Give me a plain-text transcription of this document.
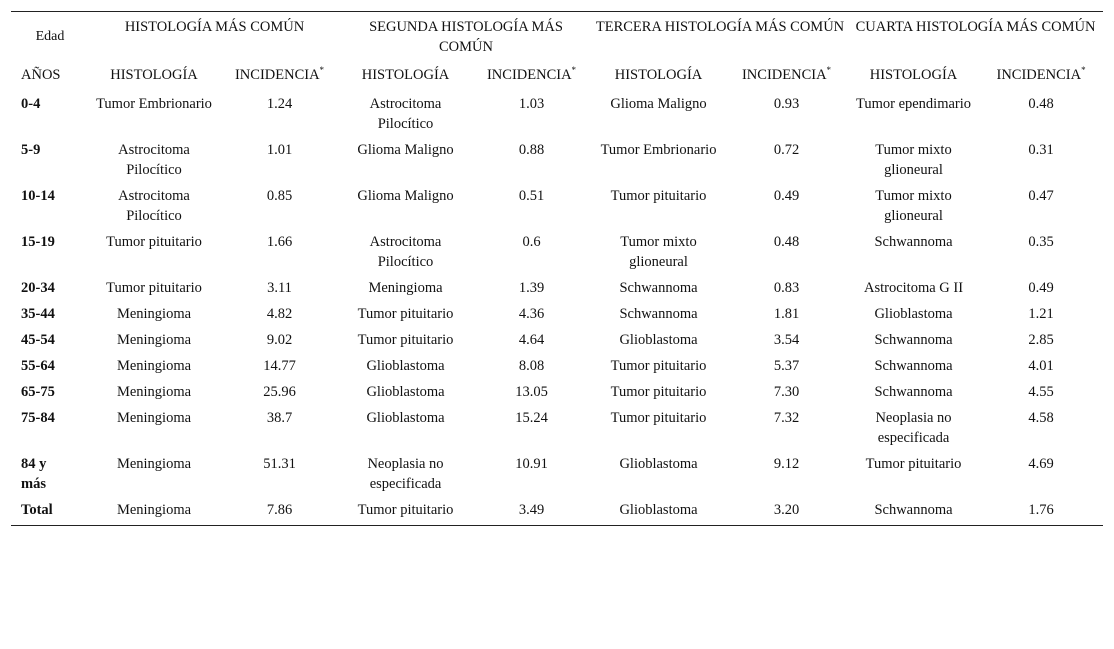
Edad	HISTOLOGÍA MÁS COMÚN		SEGUNDA HISTOLOGÍA MÁS COMÚN		TERCERA HISTOLOGÍA MÁS COMÚN		CUARTA HISTOLOGÍA MÁS COMÚN	
AÑOS	HISTOLOGÍA	INCIDENCIA*	HISTOLOGÍA	INCIDENCIA*	HISTOLOGÍA	INCIDENCIA*	HISTOLOGÍA	INCIDENCIA*
0-4	Tumor Embrionario	1.24	Astrocitoma Pilocítico	1.03	Glioma Maligno	0.93	Tumor ependimario	0.48
5-9	Astrocitoma Pilocítico	1.01	Glioma Maligno	0.88	Tumor Embrionario	0.72	Tumor mixto glioneural	0.31
10-14	Astrocitoma Pilocítico	0.85	Glioma Maligno	0.51	Tumor pituitario	0.49	Tumor mixto glioneural	0.47
15-19	Tumor pituitario	1.66	Astrocitoma Pilocítico	0.6	Tumor mixto glioneural	0.48	Schwannoma	0.35
20-34	Tumor pituitario	3.11	Meningioma	1.39	Schwannoma	0.83	Astrocitoma G II	0.49
35-44	Meningioma	4.82	Tumor pituitario	4.36	Schwannoma	1.81	Glioblastoma	1.21
45-54	Meningioma	9.02	Tumor pituitario	4.64	Glioblastoma	3.54	Schwannoma	2.85
55-64	Meningioma	14.77	Glioblastoma	8.08	Tumor pituitario	5.37	Schwannoma	4.01
65-75	Meningioma	25.96	Glioblastoma	13.05	Tumor pituitario	7.30	Schwannoma	4.55
75-84	Meningioma	38.7	Glioblastoma	15.24	Tumor pituitario	7.32	Neoplasia no especificada	4.58
84 y más	Meningioma	51.31	Neoplasia no especificada	10.91	Glioblastoma	9.12	Tumor pituitario	4.69
Total	Meningioma	7.86	Tumor pituitario	3.49	Glioblastoma	3.20	Schwannoma	1.76
